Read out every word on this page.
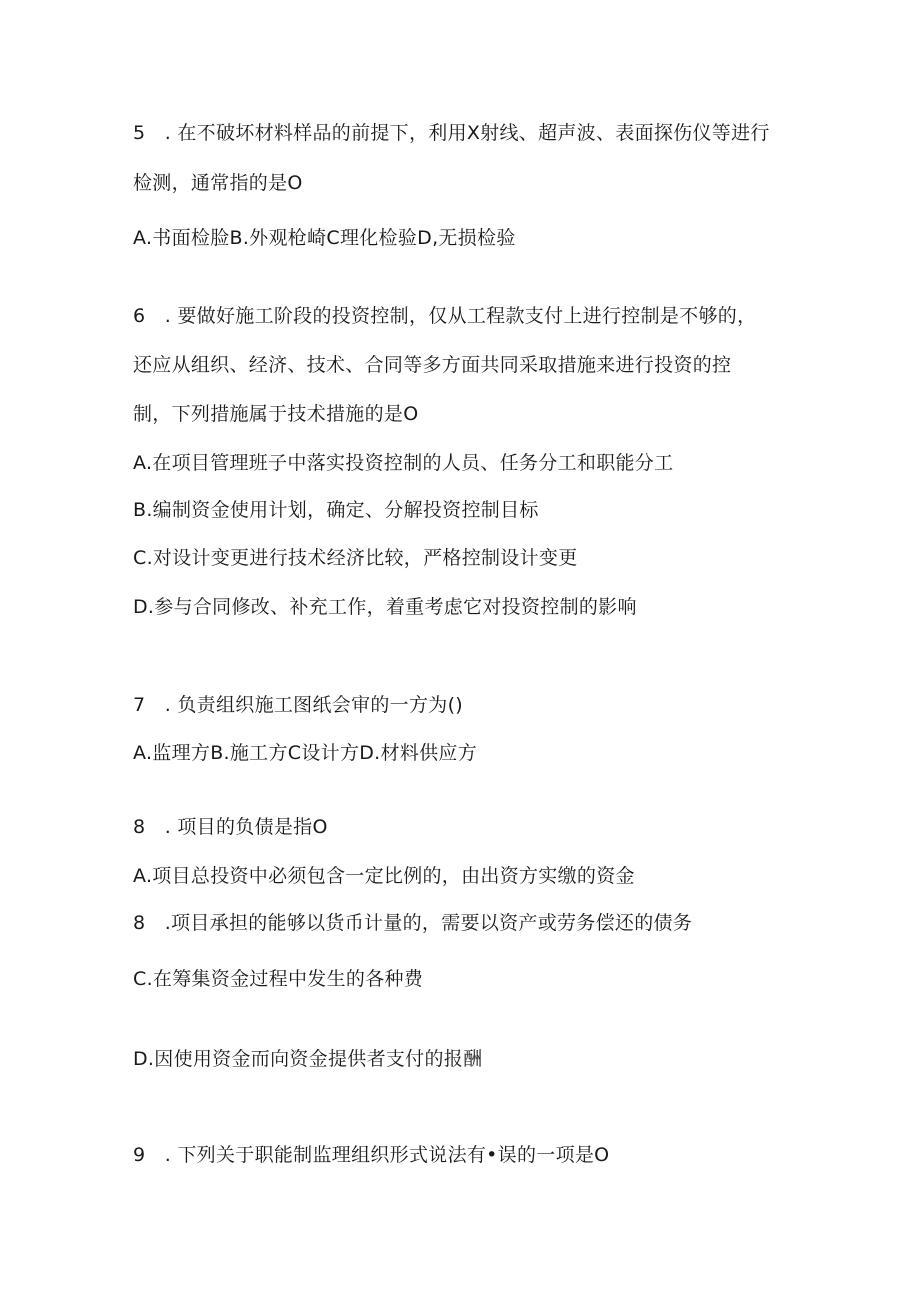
5　. 在不破坏材料样品的前提下，利用X射线、超声波、表面探伤仪等进行
检测，通常指的是O
A.书面检脸B.外观枪崎C理化检验D,无损检验
6　. 要做好施工阶段的投资控制，仅从工程款支付上进行控制是不够的，
还应从组织、经济、技术、合同等多方面共同采取措施来进行投资的控
制，下列措施属于技术措施的是O
A.在项目管理班子中落实投资控制的人员、任务分工和职能分工
B.编制资金使用计划，确定、分解投资控制目标
C.对设计变更进行技术经济比较，严格控制设计变更
D.参与合同修改、补充工作，着重考虑它对投资控制的影响
7　. 负责组织施工图纸会审的一方为()
A.监理方B.施工方C设计方D.材料供应方
8　. 项目的负债是指O
A.项目总投资中必须包含一定比例的，由出资方实缴的资金
8　.项目承担的能够以货币计量的，需要以资产或劳务偿还的债务
C.在筹集资金过程中发生的各种费
D.因使用资金而向资金提供者支付的报酬
9　. 下列关于职能制监理组织形式说法有•误的一项是O
